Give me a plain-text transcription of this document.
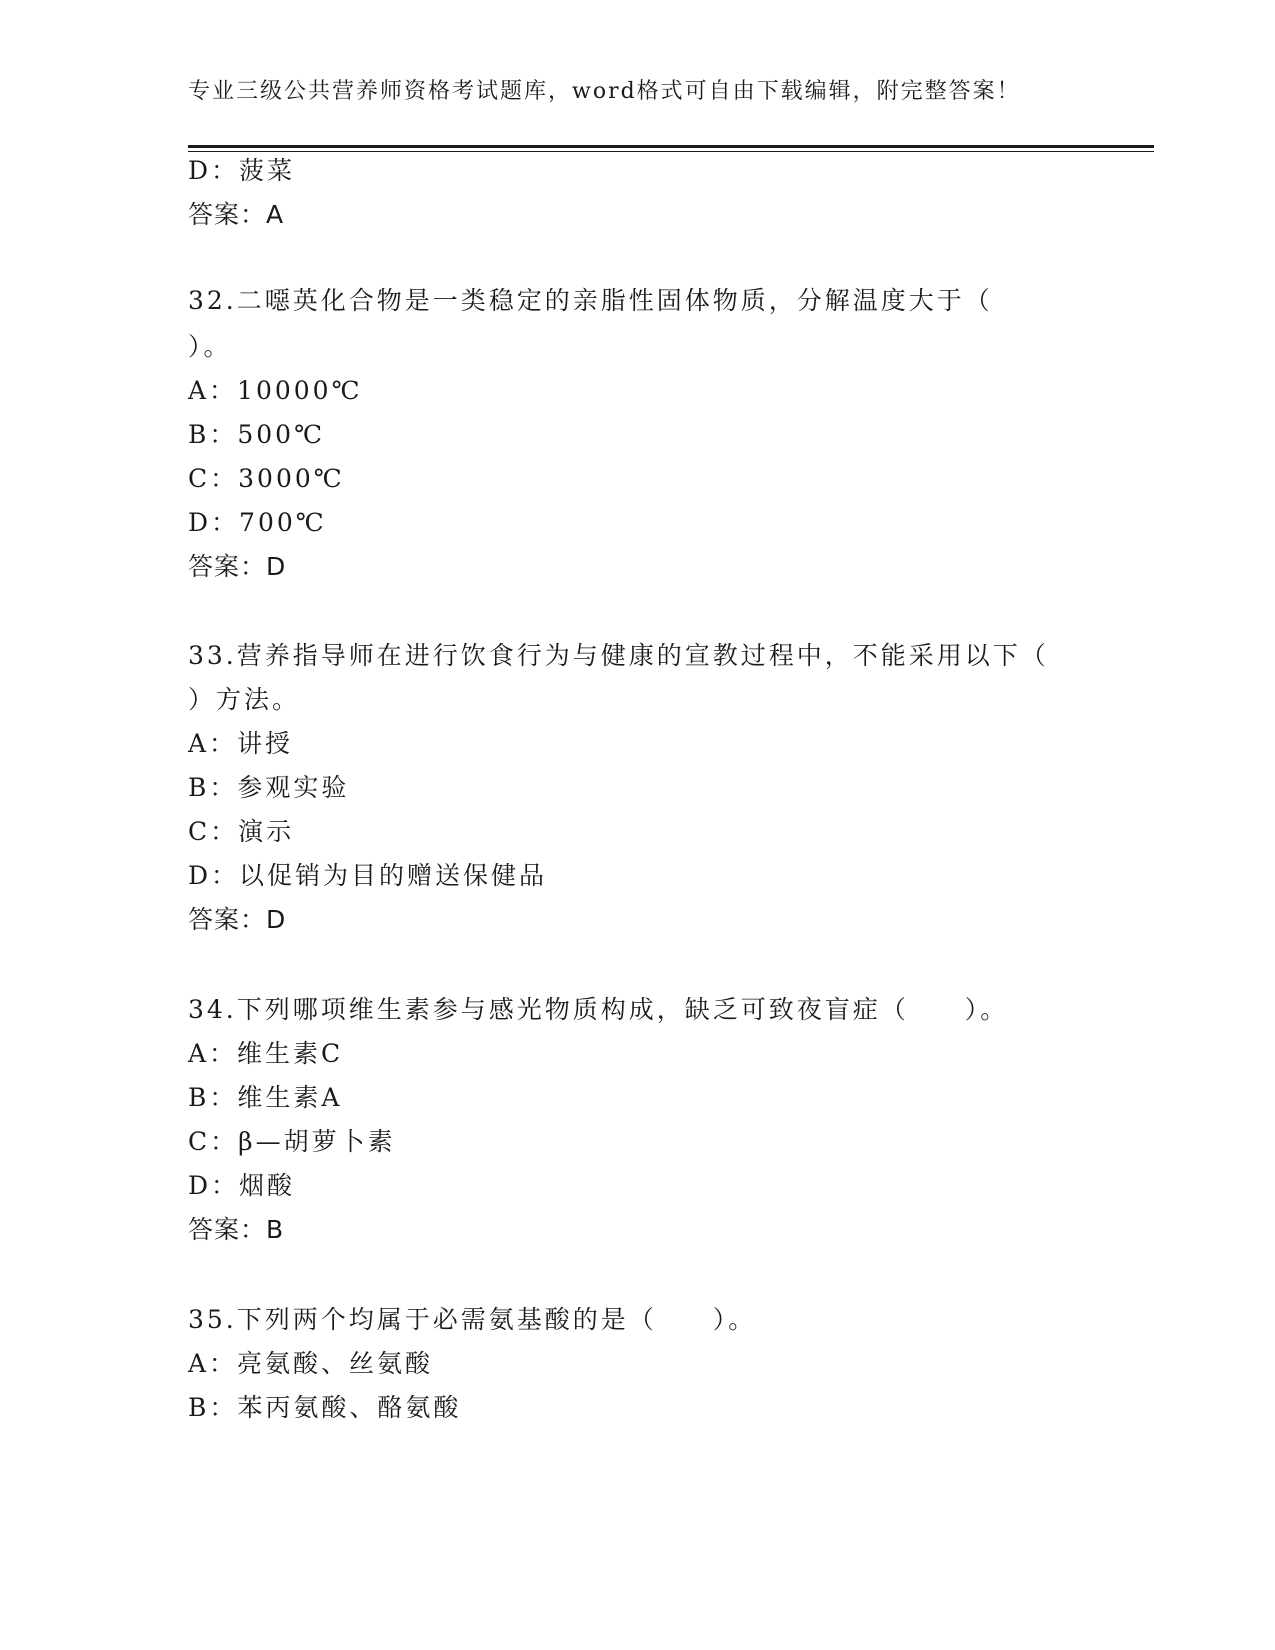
专业三级公共营养师资格考试题库，word格式可自由下载编辑，附完整答案！
D：菠菜
答案：A
32.二噁英化合物是一类稳定的亲脂性固体物质，分解温度大于（
）。
A：10000℃
B：500℃
C：3000℃
D：700℃
答案：D
33.营养指导师在进行饮食行为与健康的宣教过程中，不能采用以下（
）方法。
A：讲授
B：参观实验
C：演示
D：以促销为目的赠送保健品
答案：D
34.下列哪项维生素参与感光物质构成，缺乏可致夜盲症（　　）。
A：维生素C
B：维生素A
C：β—胡萝卜素
D：烟酸
答案：B
35.下列两个均属于必需氨基酸的是（　　）。
A：亮氨酸、丝氨酸
B：苯丙氨酸、酪氨酸
